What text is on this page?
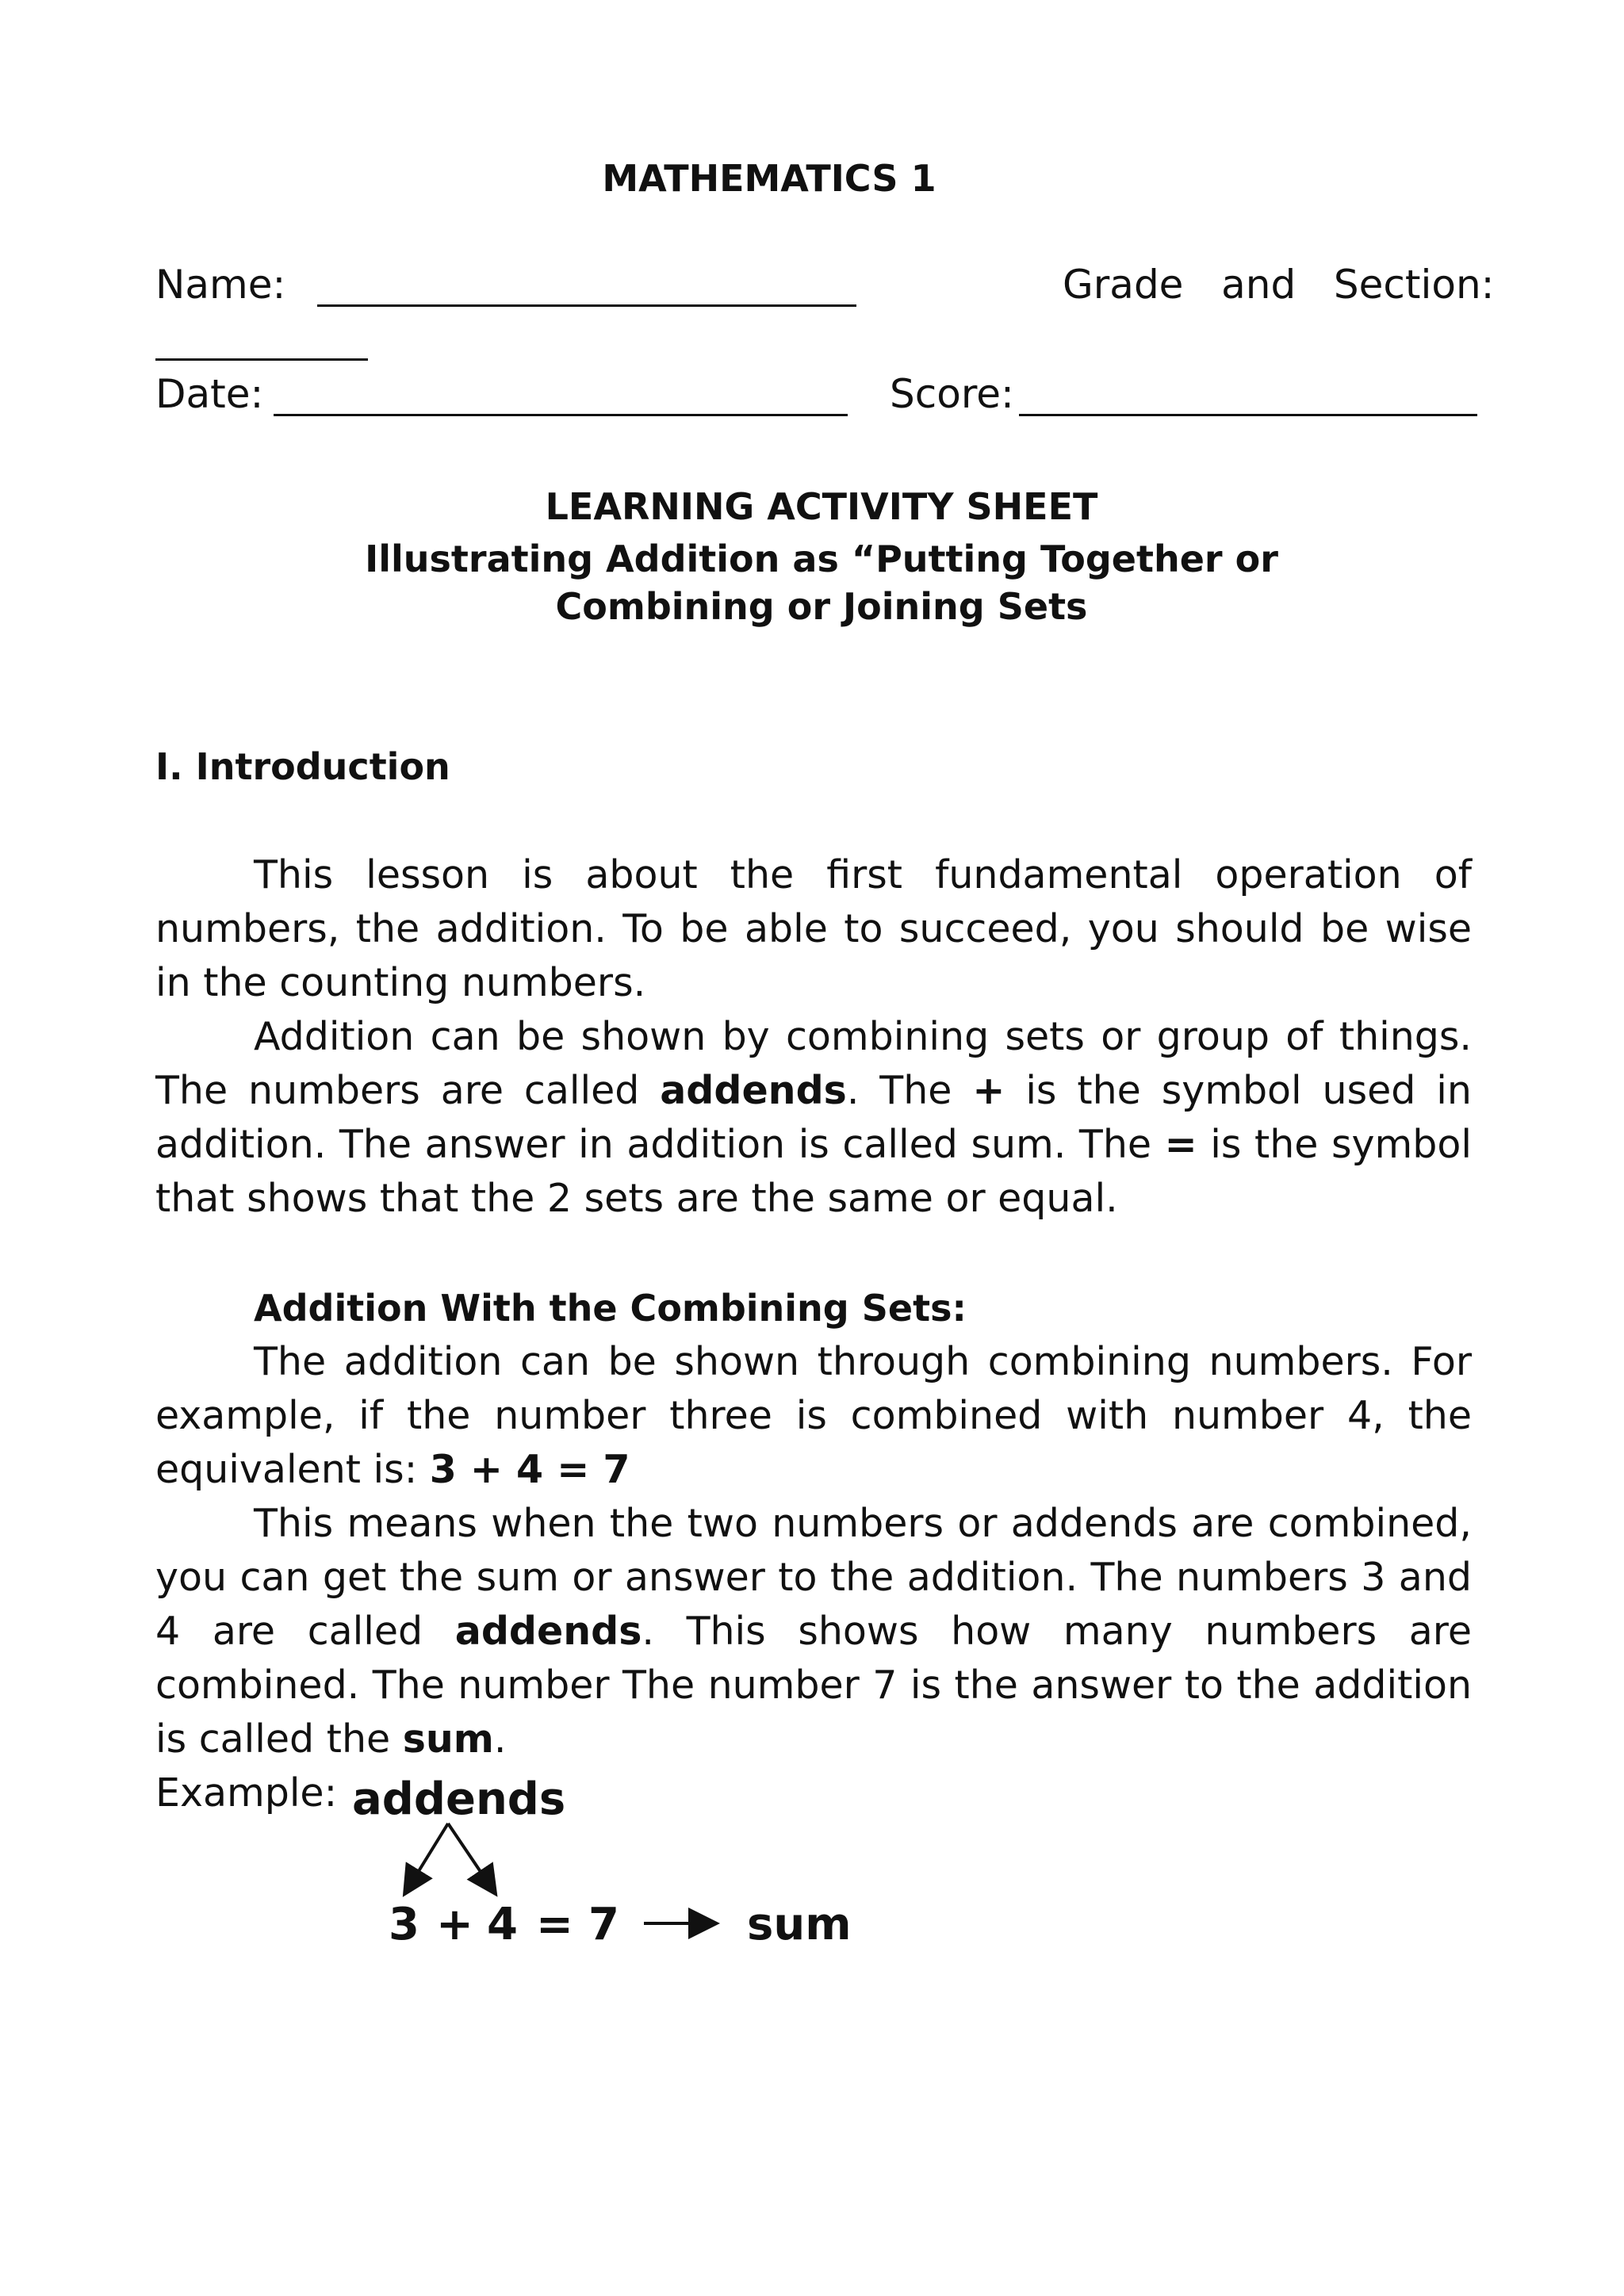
MATHEMATICS 1
Name:	Grade   and   Section:
Date:	Score:
LEARNING ACTIVITY SHEET
Illustrating Addition as “Putting Together or
Combining or Joining Sets
I. Introduction

This lesson is about the first fundamental operation of numbers, the addition. To be able to succeed, you should be wise in the counting numbers.

Addition can be shown by combining sets or group of things. The numbers are called addends. The + is the symbol used in addition. The answer in addition is called sum. The = is the symbol that shows that the 2 sets are the same or equal.

Addition With the Combining Sets:

The addition can be shown through combining numbers. For example, if the number three is combined with number 4, the equivalent is: 3 + 4 = 7

This means when the two numbers or addends are combined, you can get the sum or answer to the addition. The numbers 3 and 4 are called addends. This shows how many numbers are combined. The number The number 7 is the answer to the addition is called the sum.

Example: addends
3 + 4 = 7	sum
